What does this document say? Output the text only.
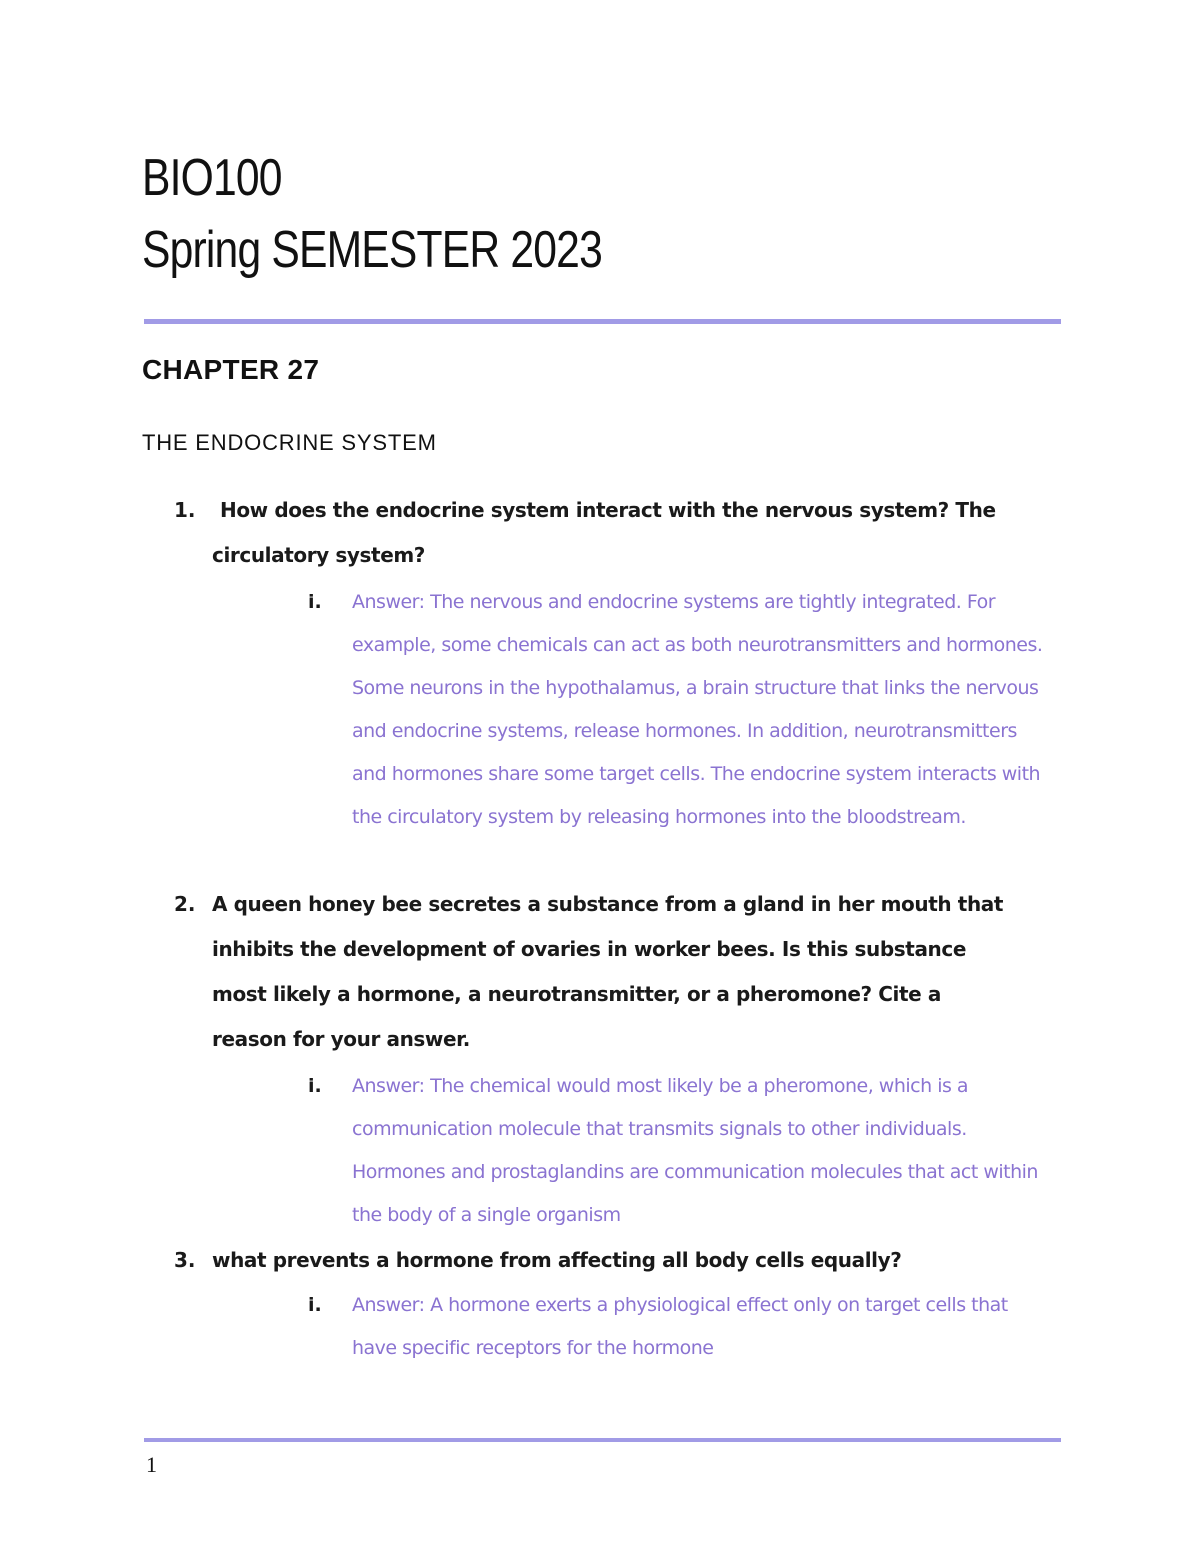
BIO100
Spring SEMESTER 2023
CHAPTER 27
THE ENDOCRINE SYSTEM
1.	How does the endocrine system interact with the nervous system? The circulatory system?
i. Answer: The nervous and endocrine systems are tightly integrated. For example, some chemicals can act as both neurotransmitters and hormones. Some neurons in the hypothalamus, a brain structure that links the nervous and endocrine systems, release hormones. In addition, neurotransmitters and hormones share some target cells. The endocrine system interacts with the circulatory system by releasing hormones into the bloodstream.
2. A queen honey bee secretes a substance from a gland in her mouth that inhibits the development of ovaries in worker bees. Is this substance most likely a hormone, a neurotransmitter, or a pheromone? Cite a reason for your answer.
i. Answer: The chemical would most likely be a pheromone, which is a communication molecule that transmits signals to other individuals. Hormones and prostaglandins are communication molecules that act within the body of a single organism
3. what prevents a hormone from affecting all body cells equally?
i. Answer: A hormone exerts a physiological effect only on target cells that have specific receptors for the hormone
1
